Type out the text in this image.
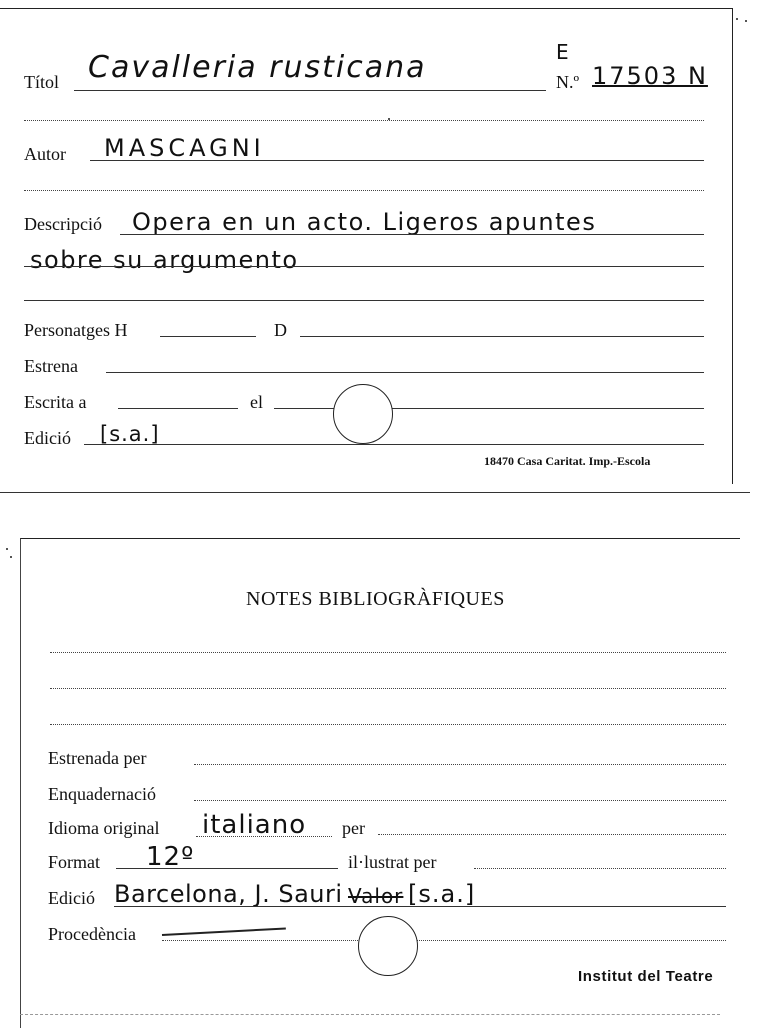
Títol Cavalleria rusticana	E
N.º 17503 N
Autor MASCAGNI
Descripció Opera en un acto. Ligeros apuntes
sobre su argumento
Personatges H	D
Estrena
Escrita a	el
Edició [s.a.]
18470 Casa Caritat. Imp.-Escola
NOTES BIBLIOGRÀFIQUES
Estrenada per
Enquadernació
Idioma original italiano per
Format 12º	il·lustrat per
Edició Barcelona, J. Sauri Valor [s.a.]
Procedència
Institut del Teatre
